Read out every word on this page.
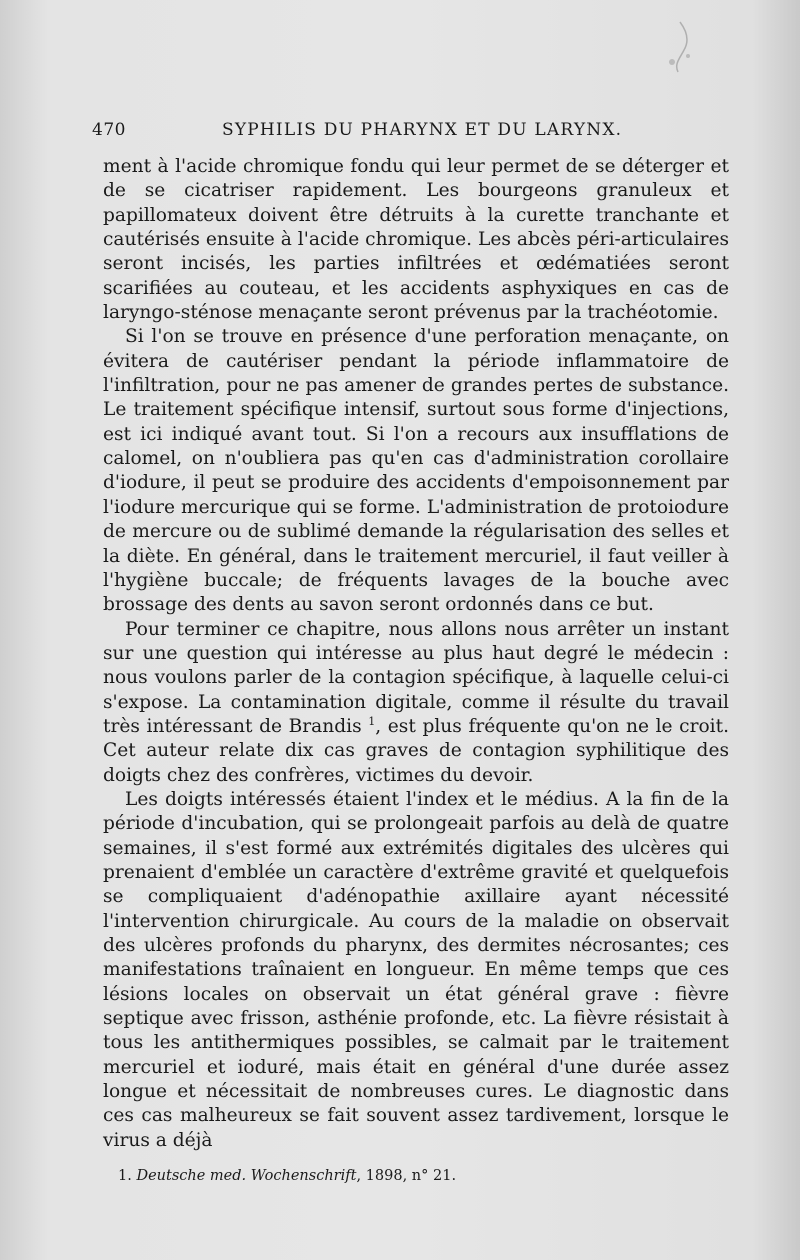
470	SYPHILIS DU PHARYNX ET DU LARYNX.

ment à l'acide chromique fondu qui leur permet de se déterger et de se cicatriser rapidement. Les bourgeons granuleux et papillomateux doivent être détruits à la curette tranchante et cautérisés ensuite à l'acide chromique. Les abcès péri-articulaires seront incisés, les parties infiltrées et œdématiées seront scarifiées au couteau, et les accidents asphyxiques en cas de laryngo-sténose menaçante seront prévenus par la trachéotomie.

Si l'on se trouve en présence d'une perforation menaçante, on évitera de cautériser pendant la période inflammatoire de l'infiltration, pour ne pas amener de grandes pertes de substance. Le traitement spécifique intensif, surtout sous forme d'injections, est ici indiqué avant tout. Si l'on a recours aux insufflations de calomel, on n'oubliera pas qu'en cas d'administration corollaire d'iodure, il peut se produire des accidents d'empoisonnement par l'iodure mercurique qui se forme. L'administration de protoiodure de mercure ou de sublimé demande la régularisation des selles et la diète. En général, dans le traitement mercuriel, il faut veiller à l'hygiène buccale; de fréquents lavages de la bouche avec brossage des dents au savon seront ordonnés dans ce but.

Pour terminer ce chapitre, nous allons nous arrêter un instant sur une question qui intéresse au plus haut degré le médecin : nous voulons parler de la contagion spécifique, à laquelle celui-ci s'expose. La contamination digitale, comme il résulte du travail très intéressant de Brandis $^1$, est plus fréquente qu'on ne le croit. Cet auteur relate dix cas graves de contagion syphilitique des doigts chez des confrères, victimes du devoir.

Les doigts intéressés étaient l'index et le médius. A la fin de la période d'incubation, qui se prolongeait parfois au delà de quatre semaines, il s'est formé aux extrémités digitales des ulcères qui prenaient d'emblée un caractère d'extrême gravité et quelquefois se compliquaient d'adénopathie axillaire ayant nécessité l'intervention chirurgicale. Au cours de la maladie on observait des ulcères profonds du pharynx, des dermites nécrosantes; ces manifestations traînaient en longueur. En même temps que ces lésions locales on observait un état général grave : fièvre septique avec frisson, asthénie profonde, etc. La fièvre résistait à tous les antithermiques possibles, se calmait par le traitement mercuriel et ioduré, mais était en général d'une durée assez longue et nécessitait de nombreuses cures. Le diagnostic dans ces cas malheureux se fait souvent assez tardivement, lorsque le virus a déjà

1. Deutsche med. Wochenschrift, 1898, n° 21.
